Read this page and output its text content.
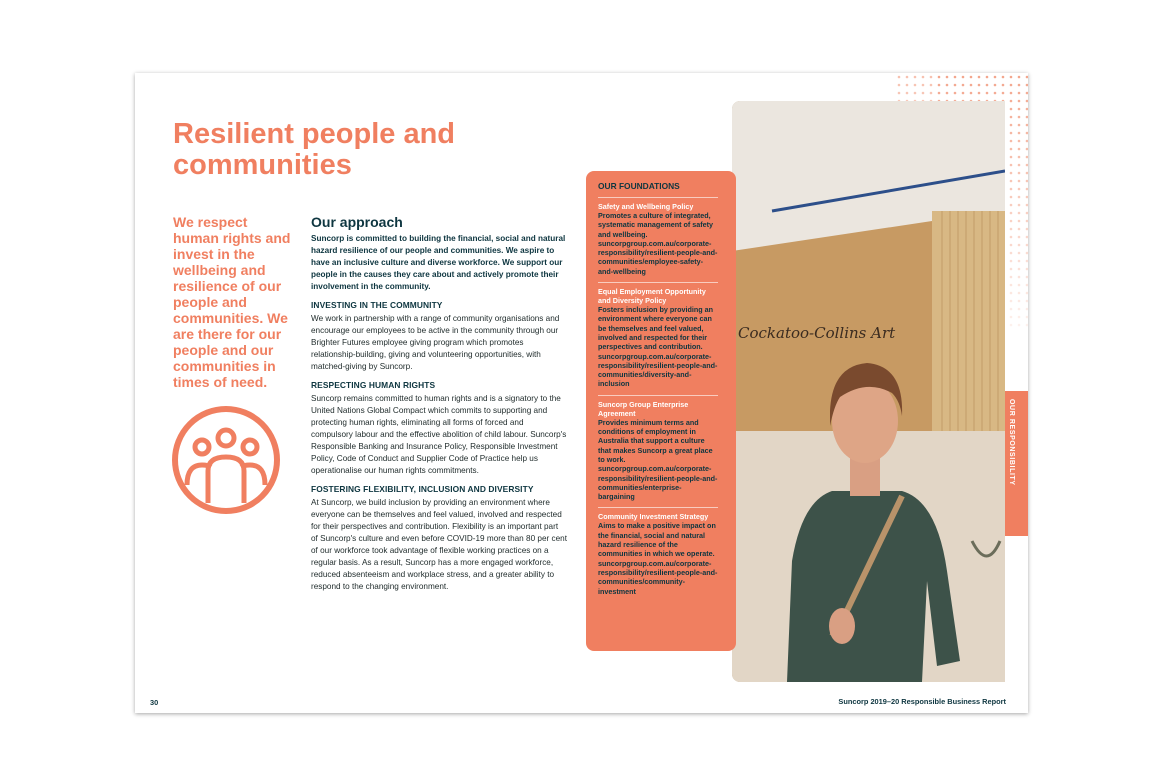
Resilient people and communities

We respect human rights and invest in the wellbeing and resilience of our people and communities. We are there for our people and our communities in times of need.

Our approach

Suncorp is committed to building the financial, social and natural hazard resilience of our people and communities. We aspire to have an inclusive culture and diverse workforce. We support our people in the causes they care about and actively promote their involvement in the community.

INVESTING IN THE COMMUNITY

We work in partnership with a range of community organisations and encourage our employees to be active in the community through our Brighter Futures employee giving program which promotes relationship-building, giving and volunteering opportunities, with matched-giving by Suncorp.

RESPECTING HUMAN RIGHTS

Suncorp remains committed to human rights and is a signatory to the United Nations Global Compact which commits to supporting and protecting human rights, eliminating all forms of forced and compulsory labour and the effective abolition of child labour. Suncorp's Responsible Banking and Insurance Policy, Responsible Investment Policy, Code of Conduct and Supplier Code of Practice help us operationalise our human rights commitments.

FOSTERING FLEXIBILITY, INCLUSION AND DIVERSITY

At Suncorp, we build inclusion by providing an environment where everyone can be themselves and feel valued, involved and respected for their perspectives and contribution. Flexibility is an important part of Suncorp's culture and even before COVID-19 more than 80 per cent of our workforce took advantage of flexible working practices on a regular basis. As a result, Suncorp has a more engaged workforce, reduced absenteeism and workplace stress, and a greater ability to respond to the changing environment.

Cockatoo-Collins Art
OUR FOUNDATIONS
Safety and Wellbeing Policy
Promotes a culture of integrated, systematic management of safety and wellbeing. suncorpgroup.com.au/corporate-responsibility/resilient-people-and-communities/employee-safety-and-wellbeing
Equal Employment Opportunity and Diversity Policy
Fosters inclusion by providing an environment where everyone can be themselves and feel valued, involved and respected for their perspectives and contribution. suncorpgroup.com.au/corporate-responsibility/resilient-people-and-communities/diversity-and-inclusion
Suncorp Group Enterprise Agreement
Provides minimum terms and conditions of employment in Australia that support a culture that makes Suncorp a great place to work. suncorpgroup.com.au/corporate-responsibility/resilient-people-and-communities/enterprise-bargaining
Community Investment Strategy
Aims to make a positive impact on the financial, social and natural hazard resilience of the communities in which we operate. suncorpgroup.com.au/corporate-responsibility/resilient-people-and-communities/community-investment
OUR RESPONSIBILITY
30	Suncorp 2019–20 Responsible Business Report
